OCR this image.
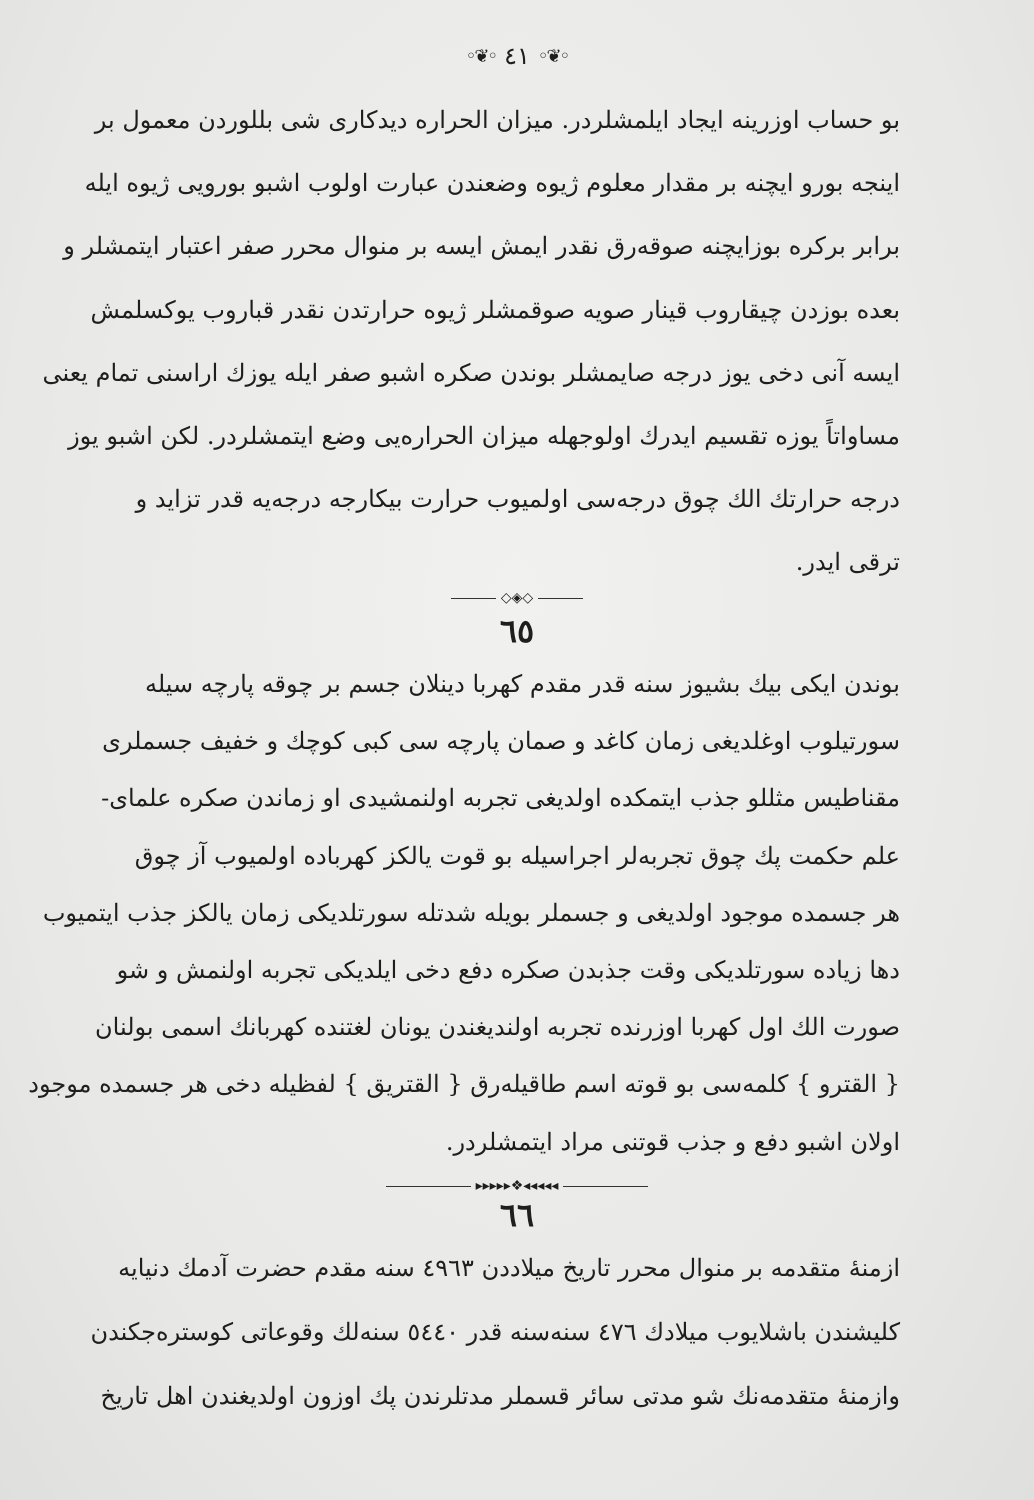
◦❦◦ ٤١ ◦❦◦
بو حساب اوزرینه ایجاد ایلمشلردر. میزان الحراره دیدکاری شی بللوردن معمول بر
اینجه بورو ایچنه بر مقدار معلوم ژیوه وضعندن عبارت اولوب اشبو بورویی ژیوه ایله
برابر برکره بوزایچنه صوقه‌رق نقدر ایمش ایسه بر منوال محرر صفر اعتبار ایتمشلر و
بعده بوزدن چیقاروب قینار صویه صوقمشلر ژیوه حرارتدن نقدر قباروب یوکسلمش
ایسه آنی دخی یوز درجه صایمشلر بوندن صکره اشبو صفر ایله یوزك اراسنی تمام یعنی
مساواتاً یوزه تقسیم ایدرك اولوجهله میزان الحراره‌یی وضع ایتمشلردر. لکن اشبو یوز
درجه حرارتك الك چوق درجه‌سی اولمیوب حرارت بیکارجه درجه‌یه قدر تزاید و
ترقی ایدر.
◇◈◇
٦٥
بوندن ایکی بیك بشیوز سنه قدر مقدم کهربا دینلان جسم بر چوقه پارچه سیله
سورتیلوب اوغلدیغی زمان کاغد و صمان پارچه سی کبی کوچك و خفیف جسملری
مقناطیس مثللو جذب ایتمکده اولدیغی تجربه اولنمشیدی او زماندن صکره علمای-
علم حکمت پك چوق تجربه‌لر اجراسیله بو قوت یالکز کهربادە اولمیوب آز چوق
هر جسمده موجود اولدیغی و جسملر بویله شدتله سورتلدیکی زمان یالکز جذب ایتمیوب
دها زیاده سورتلدیکی وقت جذبدن صکره دفع دخی ایلدیکی تجربه اولنمش و شو
صورت الك اول کهربا اوزرنده تجربه اولندیغندن یونان لغتنده کهربانك اسمی بولنان
{ القترو } کلمه‌سی بو قوته اسم طاقیله‌رق { القتریق } لفظیله دخی هر جسمده موجود
اولان اشبو دفع و جذب قوتنی مراد ایتمشلردر.
▸▸▸▸▸❖◂◂◂◂◂
٦٦
ازمنهٔ متقدمه بر منوال محرر تاریخ میلاددن ٤٩٦٣ سنه مقدم حضرت آدمك دنیایه
کلیشندن باشلایوب میلادك ٤٧٦ سنه‌سنه قدر ٥٤٤٠ سنه‌لك وقوعاتی کوستره‌جکندن
وازمنهٔ متقدمه‌نك شو مدتی سائر قسملر مدتلرندن پك اوزون اولدیغندن اهل تاریخ
